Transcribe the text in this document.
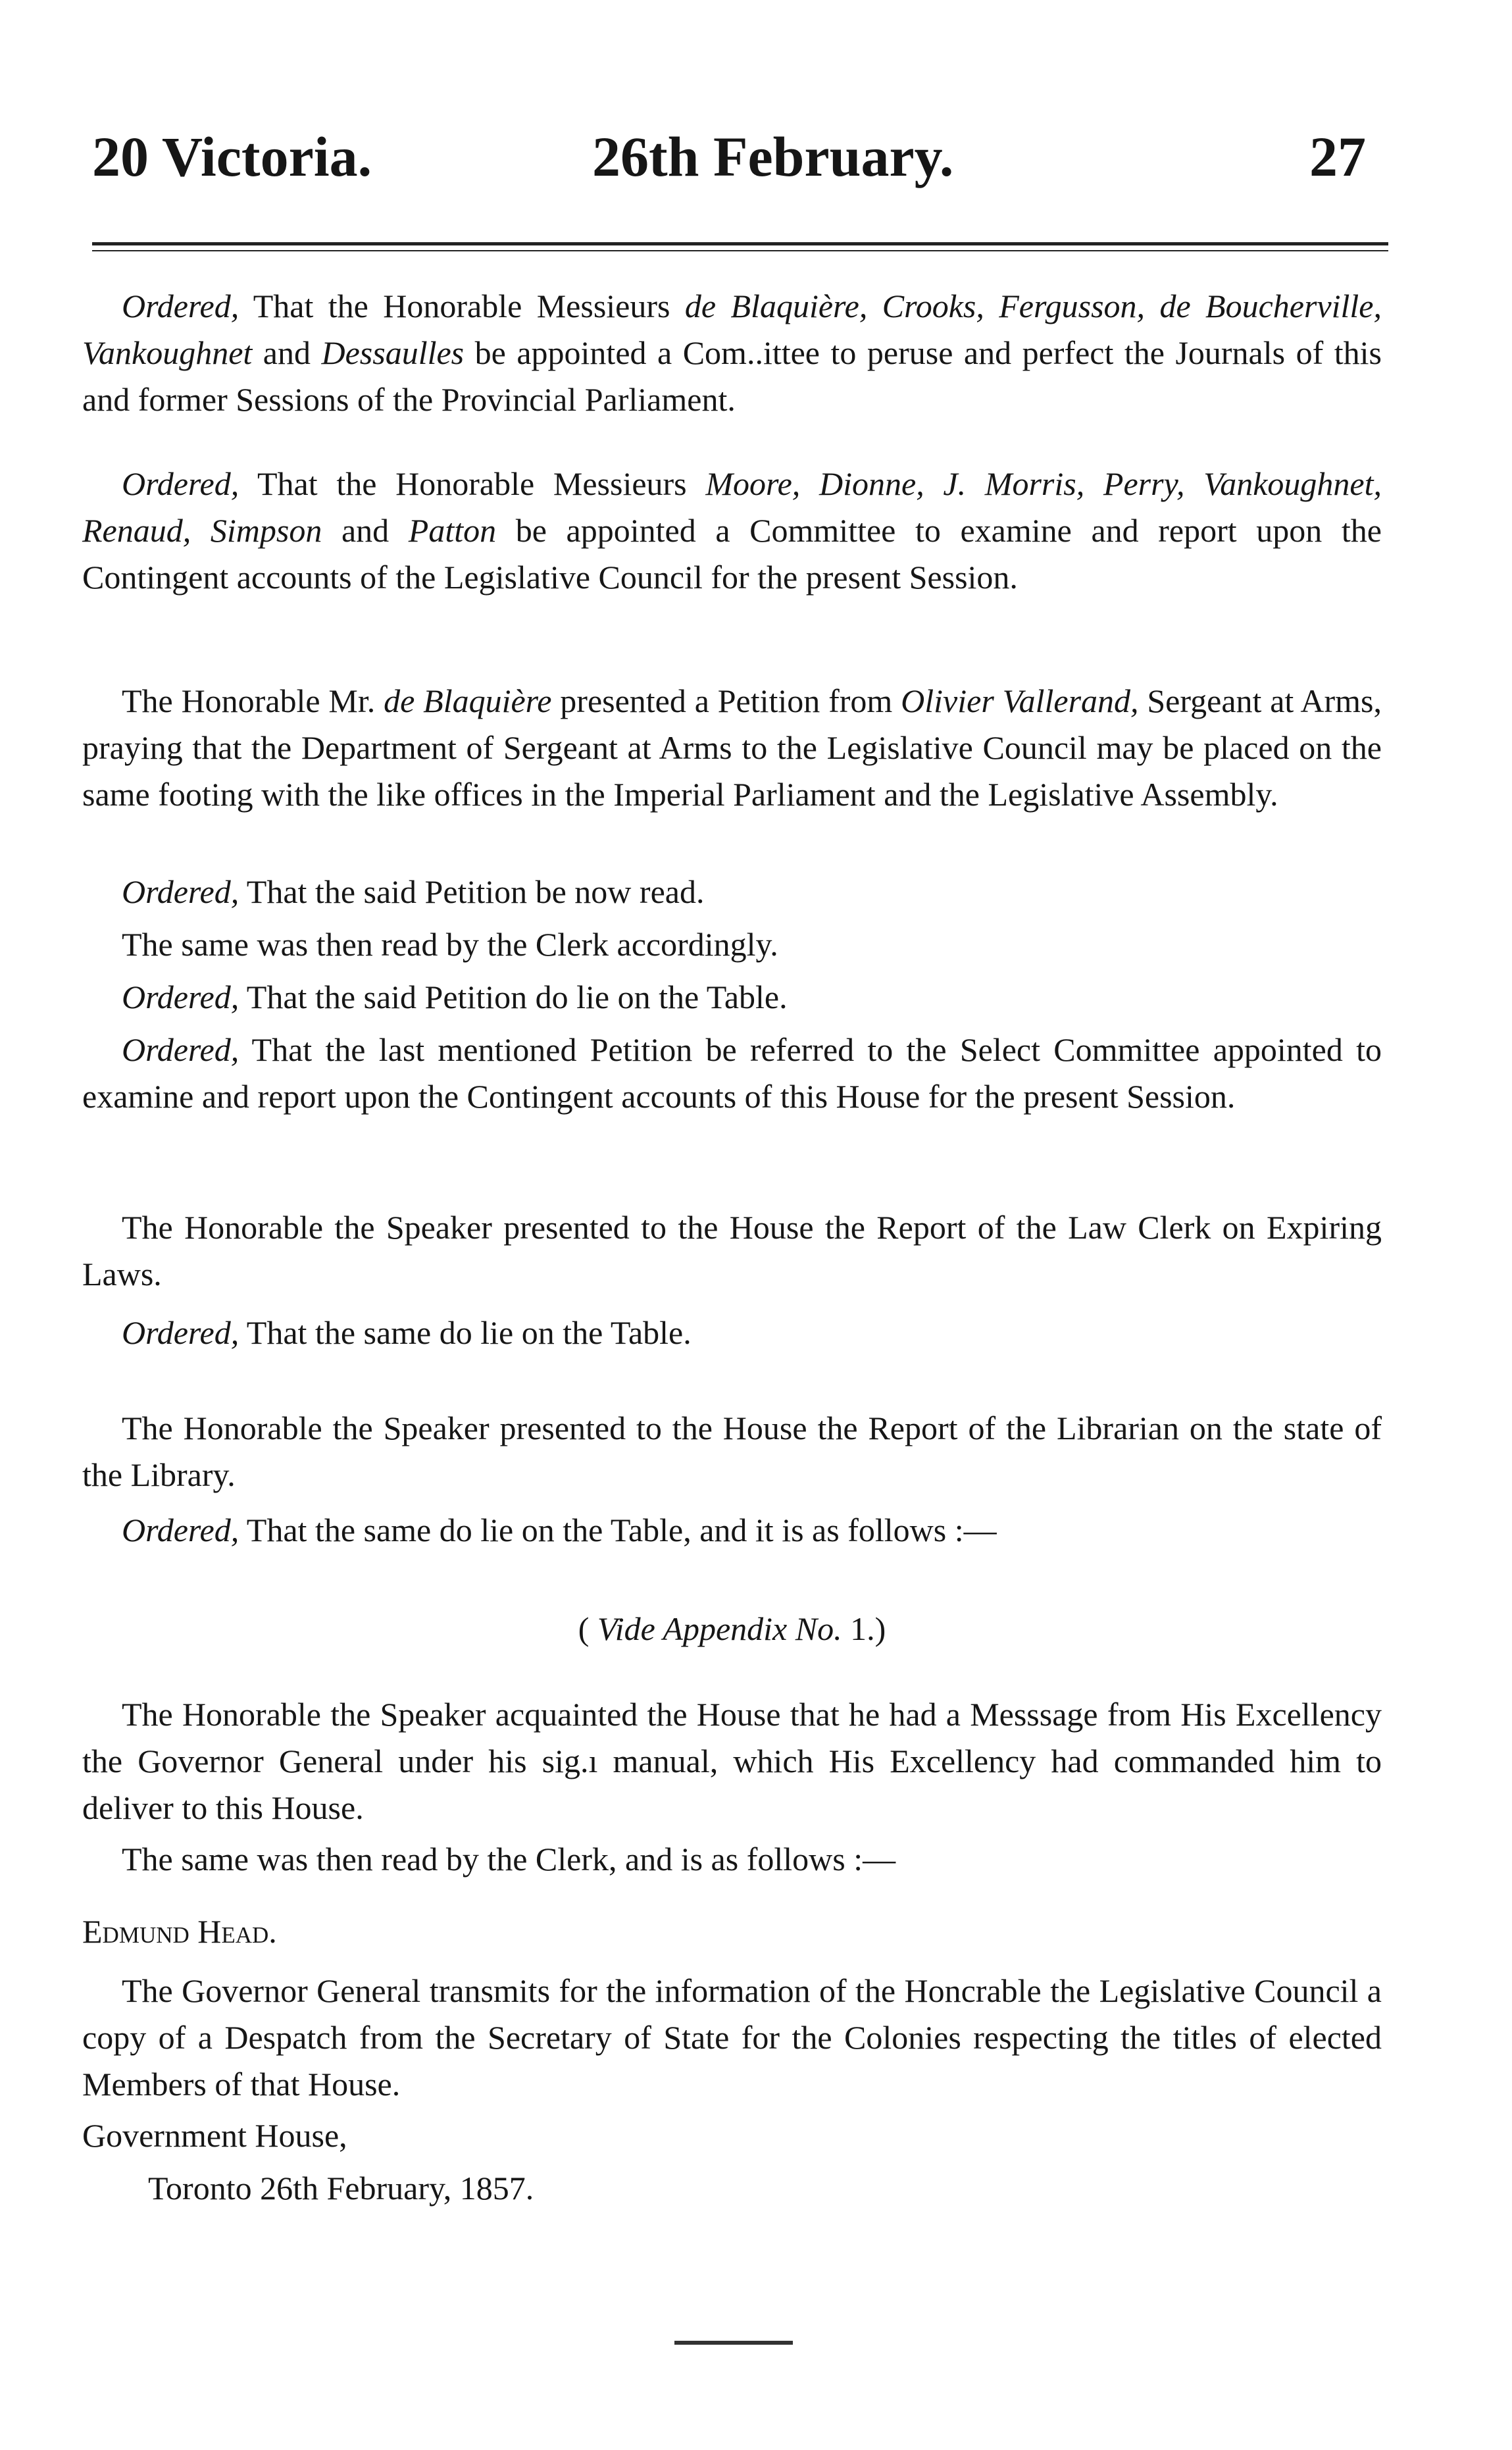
20 Victoria.	26th February.	27

Ordered, That the Honorable Messieurs de Blaquière, Crooks, Fergusson, de Boucherville, Vankoughnet and Dessaulles be appointed a Com..ittee to peruse and perfect the Journals of this and former Sessions of the Provincial Parliament.

Ordered, That the Honorable Messieurs Moore, Dionne, J. Morris, Perry, Vankoughnet, Renaud, Simpson and Patton be appointed a Committee to examine and report upon the Contingent accounts of the Legislative Council for the present Session.

The Honorable Mr. de Blaquière presented a Petition from Olivier Vallerand, Sergeant at Arms, praying that the Department of Sergeant at Arms to the Legislative Council may be placed on the same footing with the like offices in the Imperial Parliament and the Legislative Assembly.

Ordered, That the said Petition be now read.

The same was then read by the Clerk accordingly.

Ordered, That the said Petition do lie on the Table.

Ordered, That the last mentioned Petition be referred to the Select Committee appointed to examine and report upon the Contingent accounts of this House for the present Session.

The Honorable the Speaker presented to the House the Report of the Law Clerk on Expiring Laws.

Ordered, That the same do lie on the Table.

The Honorable the Speaker presented to the House the Report of the Librarian on the state of the Library.

Ordered, That the same do lie on the Table, and it is as follows :—

( Vide Appendix No. 1.)

The Honorable the Speaker acquainted the House that he had a Messsage from His Excellency the Governor General under his sig.ı manual, which His Excellency had commanded him to deliver to this House.

The same was then read by the Clerk, and is as follows :—

Edmund Head.

The Governor General transmits for the information of the Honcrable the Legislative Council a copy of a Despatch from the Secretary of State for the Colonies respecting the titles of elected Members of that House.

Government House,

Toronto 26th February, 1857.
